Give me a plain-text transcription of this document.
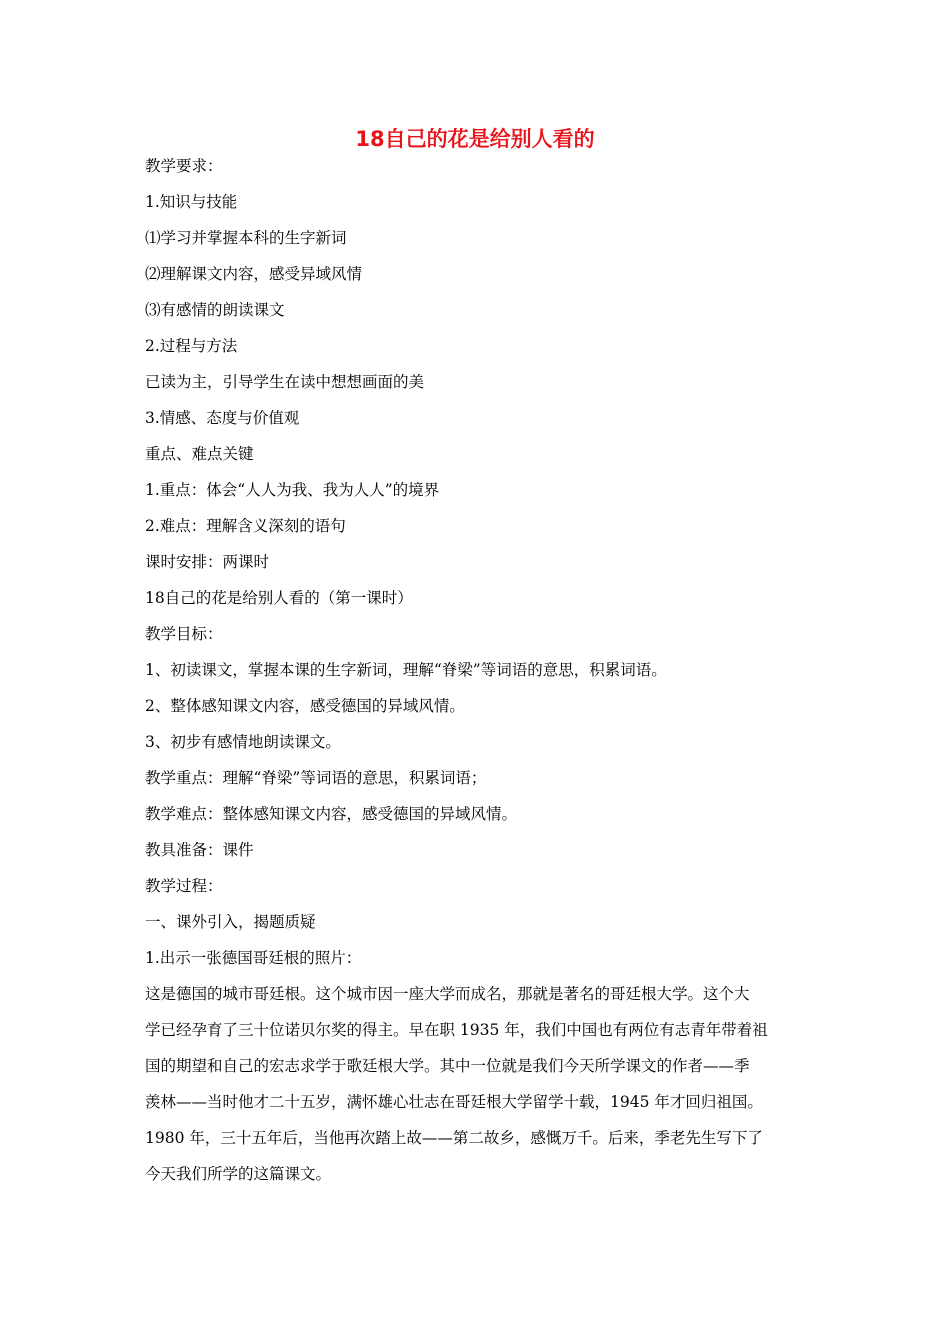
18自己的花是给别人看的

教学要求：

1.知识与技能

⑴学习并掌握本科的生字新词

⑵理解课文内容，感受异域风情

⑶有感情的朗读课文

2.过程与方法

已读为主，引导学生在读中想想画面的美

3.情感、态度与价值观

重点、难点关键

1.重点：体会“人人为我、我为人人”的境界

2.难点：理解含义深刻的语句

课时安排：两课时

18自己的花是给别人看的（第一课时）

教学目标：

1、初读课文，掌握本课的生字新词，理解“脊梁”等词语的意思，积累词语。

2、整体感知课文内容，感受德国的异域风情。

3、初步有感情地朗读课文。

教学重点：理解“脊梁”等词语的意思，积累词语；

教学难点：整体感知课文内容，感受德国的异域风情。

教具准备：课件

教学过程：

一、课外引入，揭题质疑

1.出示一张德国哥廷根的照片：

这是德国的城市哥廷根。这个城市因一座大学而成名，那就是著名的哥廷根大学。这个大
学已经孕育了三十位诺贝尔奖的得主。早在职 1935 年，我们中国也有两位有志青年带着祖
国的期望和自己的宏志求学于歌廷根大学。其中一位就是我们今天所学课文的作者——季
羡林——当时他才二十五岁，满怀雄心壮志在哥廷根大学留学十载，1945 年才回归祖国。
1980 年，三十五年后，当他再次踏上故——第二故乡，感慨万千。后来，季老先生写下了
今天我们所学的这篇课文。
